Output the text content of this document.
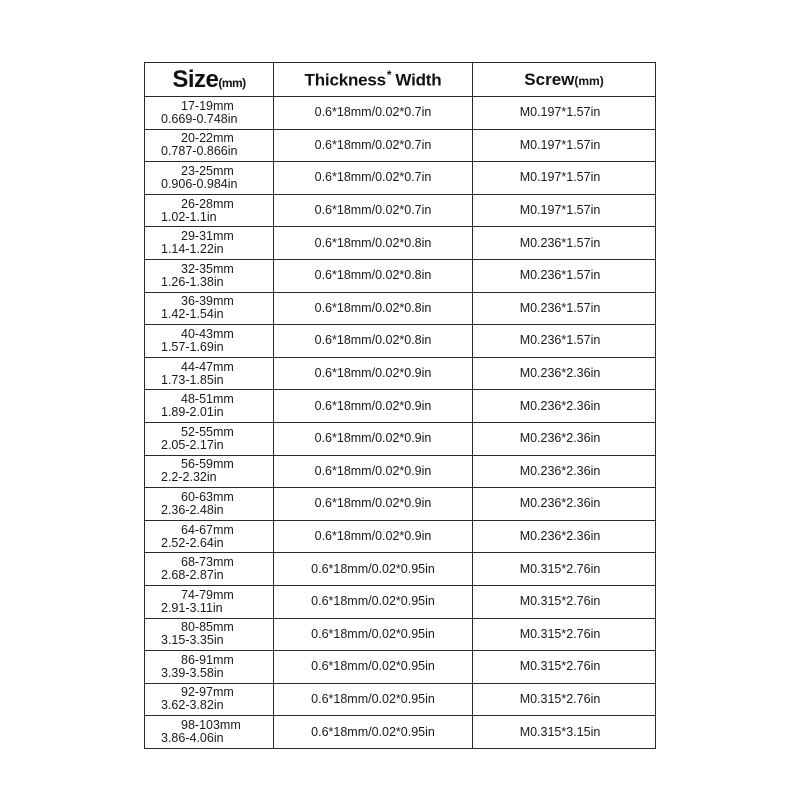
Size(mm)	Thickness* Width	Screw(mm)

17-19mm
0.669-0.748in	0.6*18mm/0.02*0.7in	M0.197*1.57in

20-22mm
0.787-0.866in	0.6*18mm/0.02*0.7in	M0.197*1.57in

23-25mm
0.906-0.984in	0.6*18mm/0.02*0.7in	M0.197*1.57in

26-28mm
1.02-1.1in	0.6*18mm/0.02*0.7in	M0.197*1.57in

29-31mm
1.14-1.22in	0.6*18mm/0.02*0.8in	M0.236*1.57in

32-35mm
1.26-1.38in	0.6*18mm/0.02*0.8in	M0.236*1.57in

36-39mm
1.42-1.54in	0.6*18mm/0.02*0.8in	M0.236*1.57in

40-43mm
1.57-1.69in	0.6*18mm/0.02*0.8in	M0.236*1.57in

44-47mm
1.73-1.85in	0.6*18mm/0.02*0.9in	M0.236*2.36in

48-51mm
1.89-2.01in	0.6*18mm/0.02*0.9in	M0.236*2.36in

52-55mm
2.05-2.17in	0.6*18mm/0.02*0.9in	M0.236*2.36in

56-59mm
2.2-2.32in	0.6*18mm/0.02*0.9in	M0.236*2.36in

60-63mm
2.36-2.48in	0.6*18mm/0.02*0.9in	M0.236*2.36in

64-67mm
2.52-2.64in	0.6*18mm/0.02*0.9in	M0.236*2.36in

68-73mm
2.68-2.87in	0.6*18mm/0.02*0.95in	M0.315*2.76in

74-79mm
2.91-3.11in	0.6*18mm/0.02*0.95in	M0.315*2.76in

80-85mm
3.15-3.35in	0.6*18mm/0.02*0.95in	M0.315*2.76in

86-91mm
3.39-3.58in	0.6*18mm/0.02*0.95in	M0.315*2.76in

92-97mm
3.62-3.82in	0.6*18mm/0.02*0.95in	M0.315*2.76in

98-103mm
3.86-4.06in	0.6*18mm/0.02*0.95in	M0.315*3.15in
